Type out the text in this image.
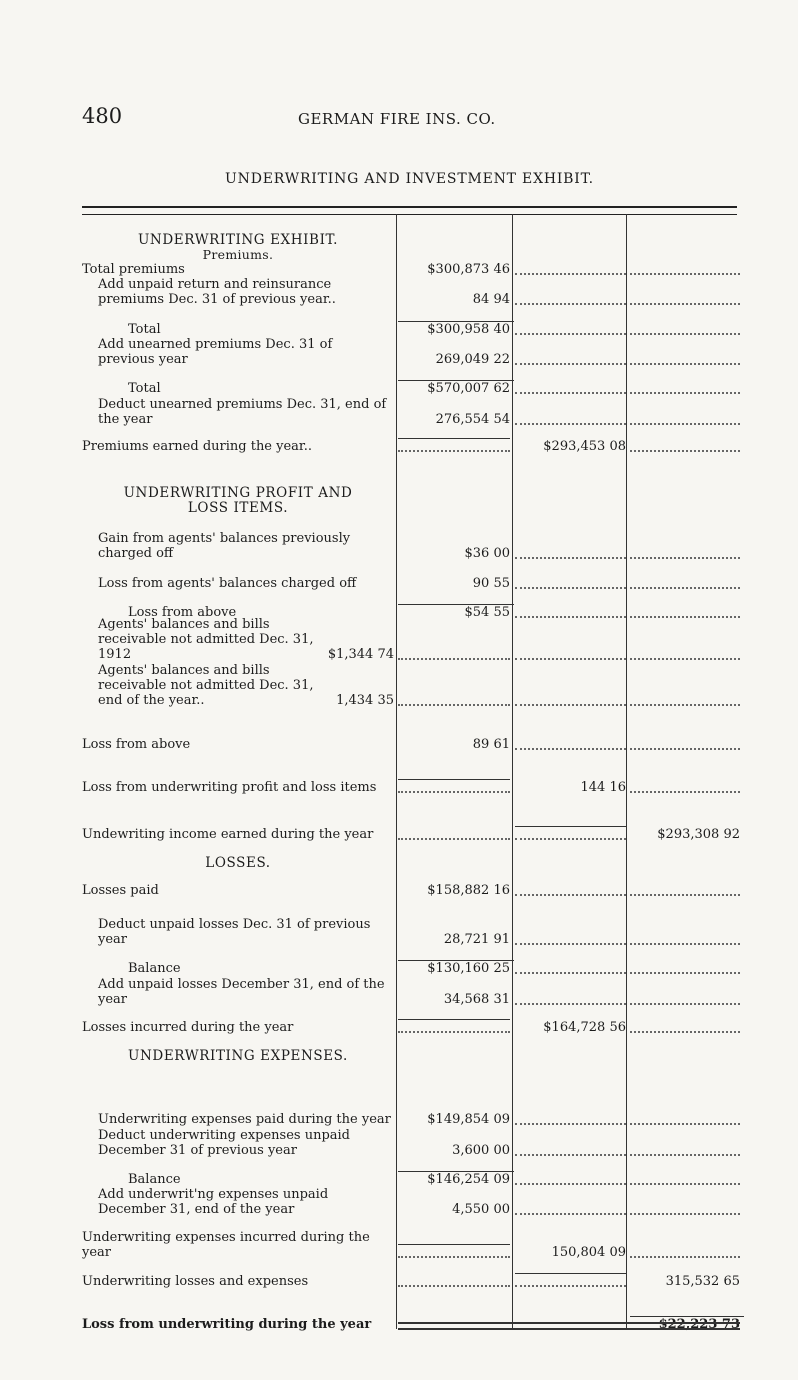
480	GERMAN FIRE INS. CO.
UNDERWRITING AND INVESTMENT EXHIBIT.
UNDERWRITING EXHIBIT.
Premiums.
UNDERWRITING PROFIT AND
LOSS ITEMS.
LOSSES.
UNDERWRITING EXPENSES.
Total premiums	$300,873 46
Add unpaid return and reinsurance premiums Dec. 31 of previous year..	84 94
Total	$300,958 40
Add unearned premiums Dec. 31 of previous year	269,049 22
Total	$570,007 62
Deduct unearned premiums Dec. 31, end of the year	276,554 54
Premiums earned during the year..	$293,453 08
Gain from agents' balances previously charged off	$36 00
Loss from agents' balances charged off	90 55
Loss from above	$54 55
Agents' balances and bills receivable not admitted Dec. 31, 1912	$1,344 74
Agents' balances and bills receivable not admitted Dec. 31, end of the year..	1,434 35
Loss from above	89 61
Loss from underwriting profit and loss items	144 16
Undewriting income earned during the year	$293,308 92
Losses paid	$158,882 16
Deduct unpaid losses Dec. 31 of previous year	28,721 91
Balance	$130,160 25
Add unpaid losses December 31, end of the year	34,568 31
Losses incurred during the year	$164,728 56
Underwriting expenses paid during the year	$149,854 09
Deduct underwriting expenses unpaid December 31 of previous year	3,600 00
Balance	$146,254 09
Add underwrit'ng expenses unpaid December 31, end of the year	4,550 00
Underwriting expenses incurred during the year	150,804 09
Underwriting losses and expenses	315,532 65
Loss from underwriting during the year	$22,223 73
